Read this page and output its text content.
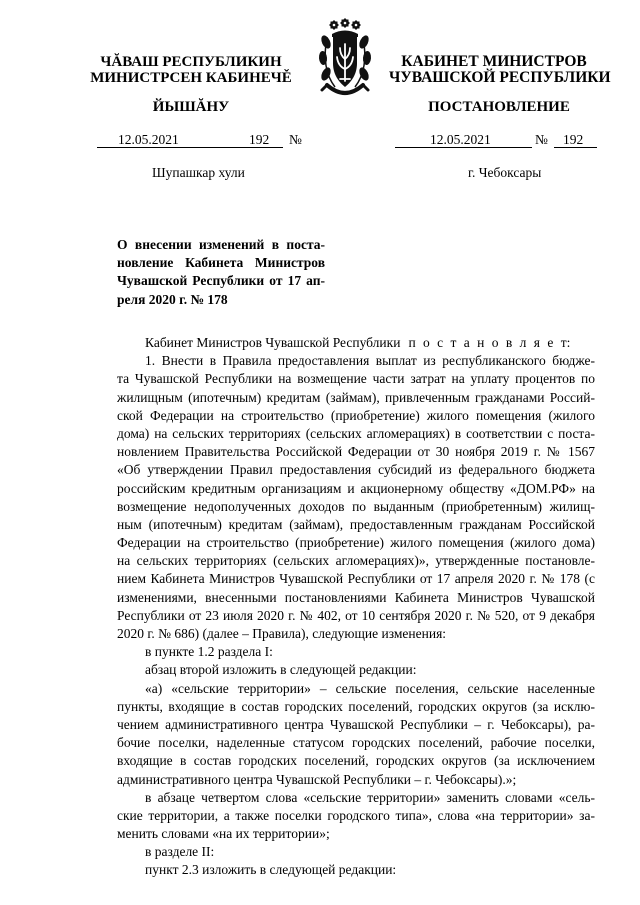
ЧĂВАШ РЕСПУБЛИКИН
МИНИСТРСЕН КАБИНЕЧĚ
ЙЫШĂНУ
КАБИНЕТ МИНИСТРОВ
ЧУВАШСКОЙ РЕСПУБЛИКИ
ПОСТАНОВЛЕНИЕ
12.05.2021	192 №	12.05.2021	№ 192
Шупашкар хули	г. Чебоксары
О внесении изменений в поста-
новление Кабинета Министров
Чувашской Республики от 17 ап-
реля 2020 г. № 178
Кабинет Министров Чувашской Республики п о с т а н о в л я е т:
1. Внести в Правила предоставления выплат из республиканского бюдже-
та Чувашской Республики на возмещение части затрат на уплату процентов по
жилищным (ипотечным) кредитам (займам), привлеченным гражданами Россий-
ской Федерации на строительство (приобретение) жилого помещения (жилого
дома) на сельских территориях (сельских агломерациях) в соответствии с поста-
новлением Правительства Российской Федерации от 30 ноября 2019 г. № 1567
«Об утверждении Правил предоставления субсидий из федерального бюджета
российским кредитным организациям и акционерному обществу «ДОМ.РФ» на
возмещение недополученных доходов по выданным (приобретенным) жилищ-
ным (ипотечным) кредитам (займам), предоставленным гражданам Российской
Федерации на строительство (приобретение) жилого помещения (жилого дома)
на сельских территориях (сельских агломерациях)», утвержденные постановле-
нием Кабинета Министров Чувашской Республики от 17 апреля 2020 г. № 178 (с
изменениями, внесенными постановлениями Кабинета Министров Чувашской
Республики от 23 июля 2020 г. № 402, от 10 сентября 2020 г. № 520, от 9 декабря
2020 г. № 686) (далее – Правила), следующие изменения:
в пункте 1.2 раздела I:
абзац второй изложить в следующей редакции:
«а) «сельские территории» – сельские поселения, сельские населенные
пункты, входящие в состав городских поселений, городских округов (за исклю-
чением административного центра Чувашской Республики – г. Чебоксары), ра-
бочие поселки, наделенные статусом городских поселений, рабочие поселки,
входящие в состав городских поселений, городских округов (за исключением
административного центра Чувашской Республики – г. Чебоксары).»;
в абзаце четвертом слова «сельские территории» заменить словами «сель-
ские территории, а также поселки городского типа», слова «на территории» за-
менить словами «на их территории»;
в разделе II:
пункт 2.3 изложить в следующей редакции:
